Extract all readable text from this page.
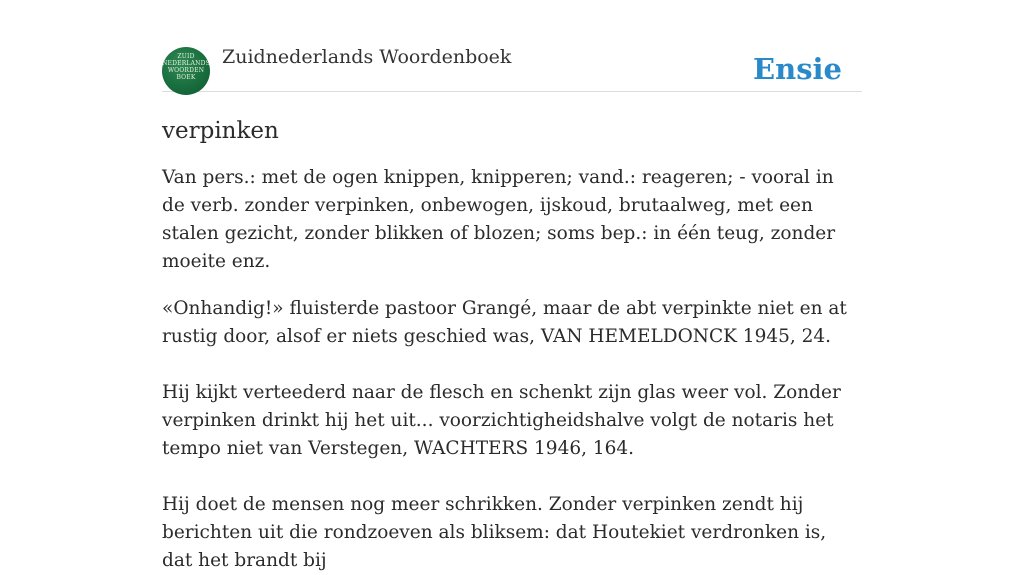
ZUID
NEDERLANDS
WOORDEN
BOEK
Zuidnederlands Woordenboek	Ensie
verpinken

Van pers.: met de ogen knippen, knipperen; vand.: reageren; - vooral in de verb. zonder verpinken, onbewogen, ijskoud, brutaalweg, met een stalen gezicht, zonder blikken of blozen; soms bep.: in één teug, zonder moeite enz.

«Onhandig!» fluisterde pastoor Grangé, maar de abt verpinkte niet en at rustig door, alsof er niets geschied was, VAN HEMELDONCK 1945, 24.

Hij kijkt verteederd naar de flesch en schenkt zijn glas weer vol. Zonder verpinken drinkt hij het uit... voorzichtigheidshalve volgt de notaris het tempo niet van Verstegen, WACHTERS 1946, 164.

Hij doet de mensen nog meer schrikken. Zonder verpinken zendt hij berichten uit die rondzoeven als bliksem: dat Houtekiet verdronken is, dat het brandt bij
